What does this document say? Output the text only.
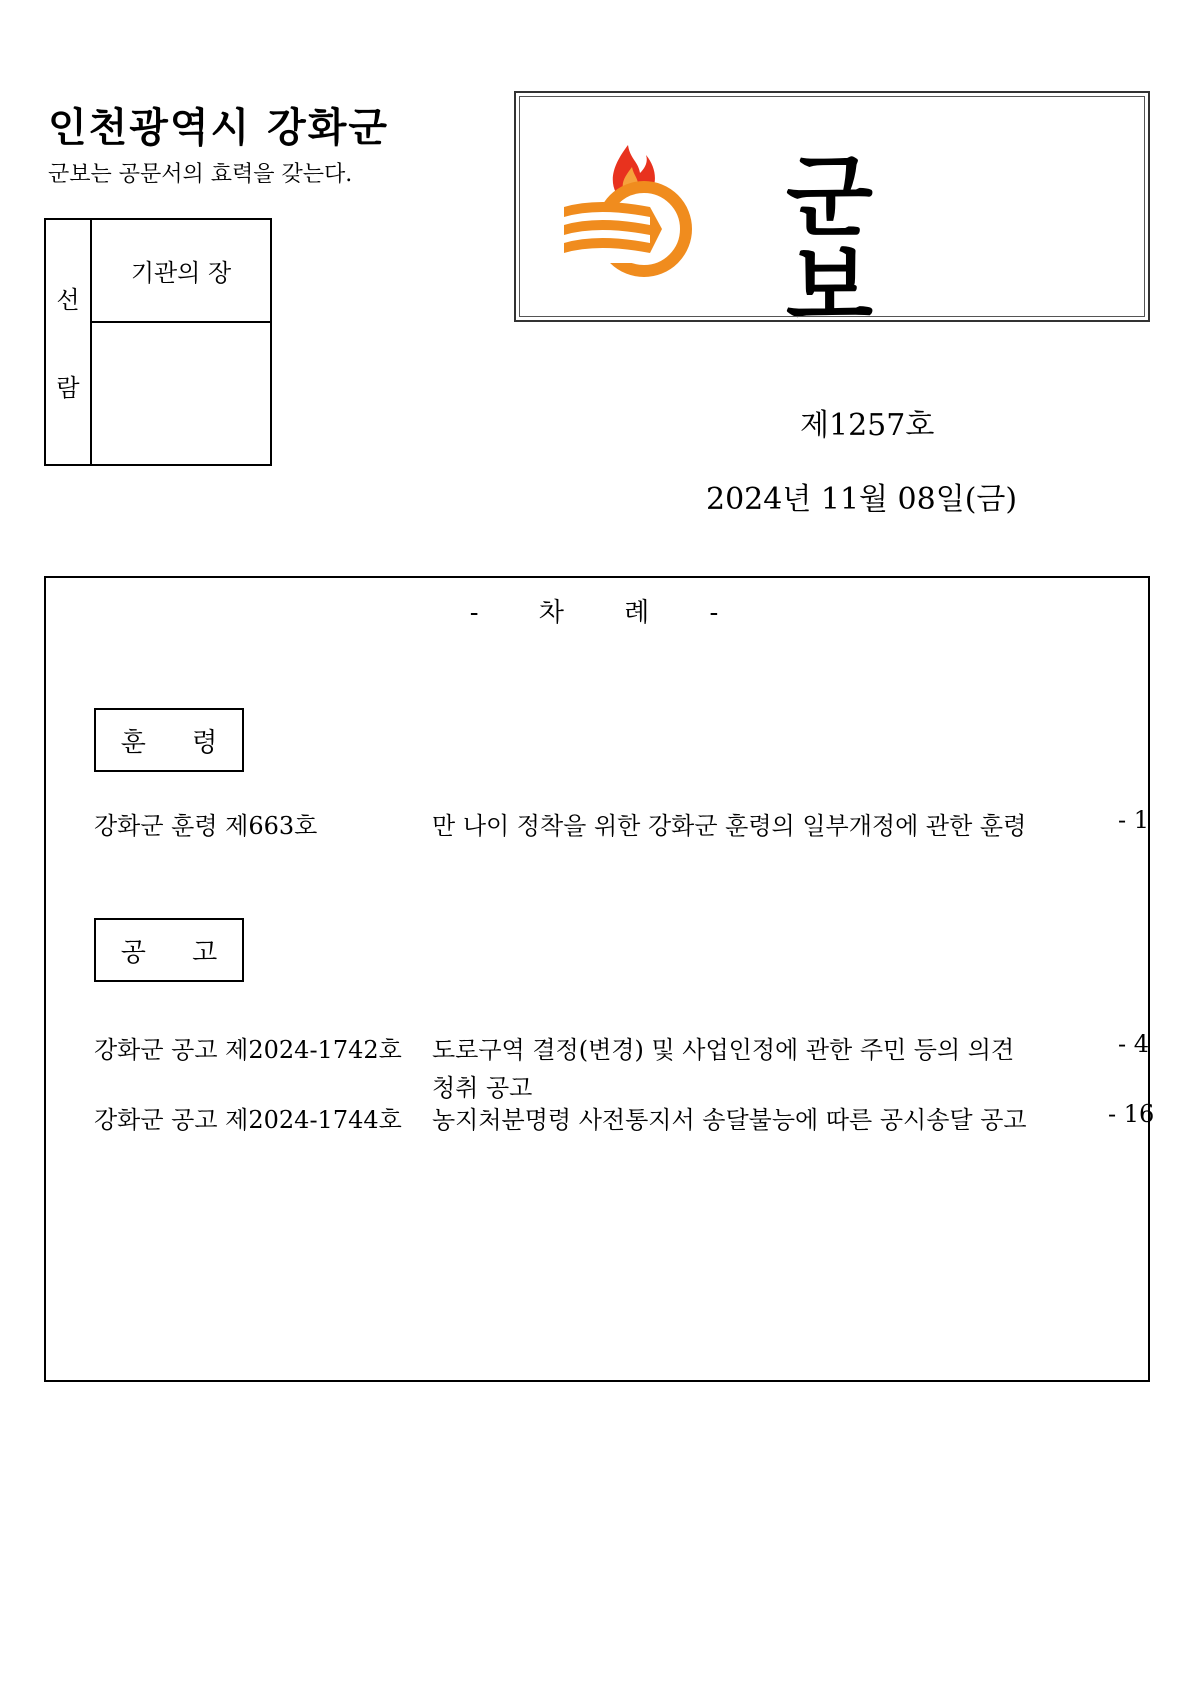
인천광역시 강화군

군보는 공문서의 효력을 갖는다.

선
람
기관의 장
군보
제1257호
2024년 11월 08일(금)
- 차 례 -
훈 령
강화군 훈령 제663호	만 나이 정착을 위한 강화군 훈령의 일부개정에 관한 훈령	- 1
공 고
강화군 공고 제2024-1742호 도로구역 결정(변경) 및 사업인정에 관한 주민 등의 의견	- 4
청취 공고
강화군 공고 제2024-1744호 농지처분명령 사전통지서 송달불능에 따른 공시송달 공고	- 16
